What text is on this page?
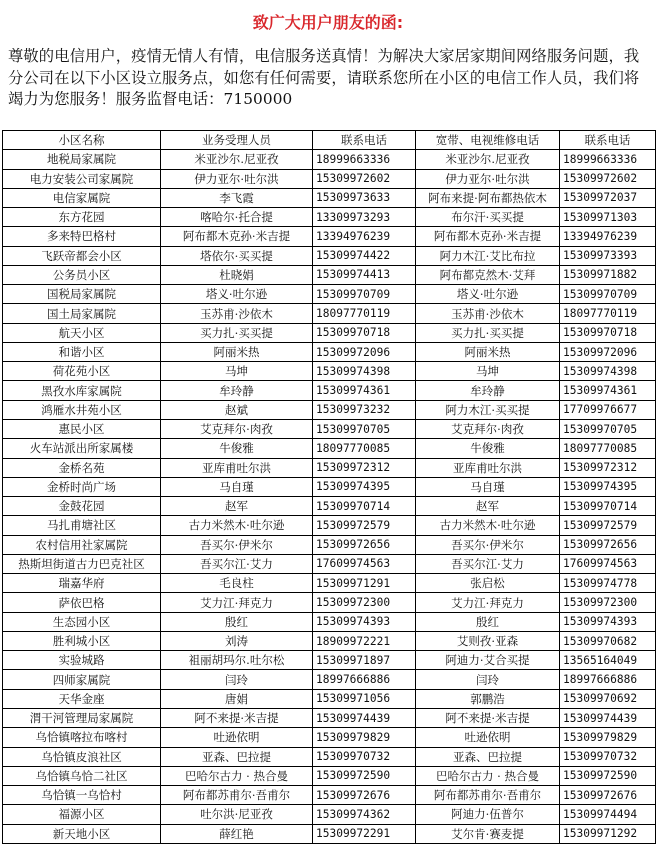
致广大用户朋友的函:
尊敬的电信用户，疫情无情人有情，电信服务送真情！为解决大家居家期间网络服务问题，我分公司在以下小区设立服务点，如您有任何需要，请联系您所在小区的电信工作人员，我们将竭力为您服务！服务监督电话：7150000
小区名称	业务受理人员	联系电话	宽带、电视维修电话	联系电话
地税局家属院	米亚沙尔.尼亚孜	18999663336	米亚沙尔.尼亚孜	18999663336
电力安装公司家属院	伊力亚尔·吐尔洪	15309972602	伊力亚尔·吐尔洪	15309972602
电信家属院	李飞霞	15309973633	阿布来提·阿布都热依木	15309972037
东方花园	喀哈尔·托合提	13309973293	布尔汗·买买提	15309971303
多来特巴格村	阿布都木克孙·米吉提	13394976239	阿布都木克孙·米吉提	13394976239
飞跃帝都会小区	塔依尔·买买提	15309974422	阿力木江·艾比布拉	15309973393
公务员小区	杜晓娟	15309974413	阿布都克然木·艾拜	15309971882
国税局家属院	塔义·吐尔逊	15309970709	塔义·吐尔逊	15309970709
国土局家属院	玉苏甫·沙依木	18097770119	玉苏甫·沙依木	18097770119
航天小区	买力扎·买买提	15309970718	买力扎·买买提	15309970718
和谐小区	阿丽米热	15309972096	阿丽米热	15309972096
荷花苑小区	马坤	15309974398	马坤	15309974398
黑孜水库家属院	牟玲静	15309974361	牟玲静	15309974361
鸿雁水井苑小区	赵斌	15309973232	阿力木江·买买提	17709976677
惠民小区	艾克拜尔·肉孜	15309970705	艾克拜尔·肉孜	15309970705
火车站派出所家属楼	牛俊雅	18097770085	牛俊雅	18097770085
金桥名苑	亚库甫吐尔洪	15309972312	亚库甫吐尔洪	15309972312
金桥时尚广场	马自瑾	15309974395	马自瑾	15309974395
金鼓花园	赵军	15309970714	赵军	15309970714
马扎甫塘社区	古力米然木·吐尔逊	15309972579	古力米然木·吐尔逊	15309972579
农村信用社家属院	吾买尔·伊米尔	15309972656	吾买尔·伊米尔	15309972656
热斯坦街道古力巴克社区	吾买尔江·艾力	17609974563	吾买尔江·艾力	17609974563
瑞嘉华府	毛良柱	15309971291	张启松	15309974778
萨依巴格	艾力江·拜克力	15309972300	艾力江·拜克力	15309972300
生态园小区	殷红	15309974393	殷红	15309974393
胜利城小区	刘涛	18909972221	艾则孜·亚森	15309970682
实验城路	祖丽胡玛尔.吐尔松	15309971897	阿迪力·艾合买提	13565164049
四师家属院	闫玲	18997666886	闫玲	18997666886
天华金座	唐娟	15309971056	郭鹏浩	15309970692
渭干河管理局家属院	阿不来提·米吉提	15309974439	阿不来提·米吉提	15309974439
乌恰镇喀拉布喀村	吐逊依明	15309979829	吐逊依明	15309979829
乌恰镇皮浪社区	亚森、巴拉提	15309970732	亚森、巴拉提	15309970732
乌恰镇乌恰二社区	巴哈尔古力 · 热合曼	15309972590	巴哈尔古力 · 热合曼	15309972590
乌恰镇一乌恰村	阿布都苏甫尔·吾甫尔	15309972676	阿布都苏甫尔·吾甫尔	15309972676
福源小区	吐尔洪·尼亚孜	15309974362	阿迪力·伍普尔	15309974494
新天地小区	薛红艳	15309972291	艾尔肯·赛麦提	15309971292
